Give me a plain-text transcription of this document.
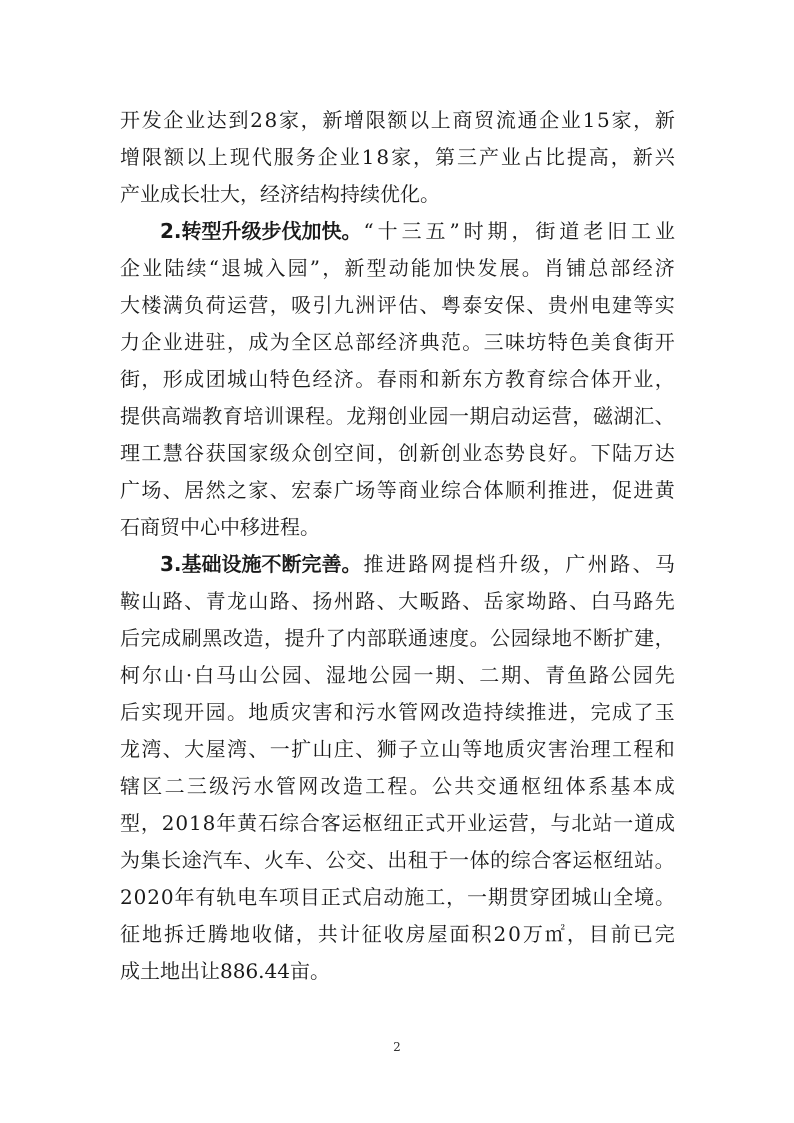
开 发 企 业 达 到 2 8 家 ， 新 增 限 额 以 上 商 贸 流 通 企 业 1 5 家 ， 新
增 限 额 以 上 现 代 服 务 企 业 1 8 家 ， 第 三 产 业 占 比 提 高 ， 新 兴
产业成长壮大，经济结构持续优化。
2.转型升级步伐加快。 “ 十 三 五 ” 时 期 ， 街 道 老 旧 工 业
企 业 陆 续 “ 退 城 入 园 ” ， 新 型 动 能 加 快 发 展 。 肖 铺 总 部 经 济
大 楼 满 负 荷 运 营 ， 吸 引 九 洲 评 估 、 粤 泰 安 保 、 贵 州 电 建 等 实
力 企 业 进 驻 ， 成 为 全 区 总 部 经 济 典 范 。 三 味 坊 特 色 美 食 街 开
街 ， 形 成 团 城 山 特 色 经 济 。 春 雨 和 新 东 方 教 育 综 合 体 开 业 ，
提 供 高 端 教 育 培 训 课 程 。 龙 翔 创 业 园 一 期 启 动 运 营 ， 磁 湖 汇 、
理 工 慧 谷 获 国 家 级 众 创 空 间 ， 创 新 创 业 态 势 良 好 。 下 陆 万 达
广 场 、 居 然 之 家 、 宏 泰 广 场 等 商 业 综 合 体 顺 利 推 进 ， 促 进 黄
石商贸中心中移进程。
3.基础设施不断完善。 推 进 路 网 提 档 升 级 ， 广 州 路 、 马
鞍 山 路 、 青 龙 山 路 、 扬 州 路 、 大 畈 路 、 岳 家 坳 路 、 白 马 路 先
后 完 成 刷 黑 改 造 ， 提 升 了 内 部 联 通 速 度 。 公 园 绿 地 不 断 扩 建 ，
柯 尔 山 · 白 马 山 公 园 、 湿 地 公 园 一 期 、 二 期 、 青 鱼 路 公 园 先
后 实 现 开 园 。 地 质 灾 害 和 污 水 管 网 改 造 持 续 推 进 ， 完 成 了 玉
龙 湾 、 大 屋 湾 、 一 扩 山 庄 、 狮 子 立 山 等 地 质 灾 害 治 理 工 程 和
辖 区 二 三 级 污 水 管 网 改 造 工 程 。 公 共 交 通 枢 纽 体 系 基 本 成
型 ， 2 0 1 8 年 黄 石 综 合 客 运 枢 纽 正 式 开 业 运 营 ， 与 北 站 一 道 成
为 集 长 途 汽 车 、 火 车 、 公 交 、 出 租 于 一 体 的 综 合 客 运 枢 纽 站 。
2 0 2 0 年 有 轨 电 车 项 目 正 式 启 动 施 工 ， 一 期 贯 穿 团 城 山 全 境 。
征 地 拆 迁 腾 地 收 储 ， 共 计 征 收 房 屋 面 积 2 0 万 ㎡ ， 目 前 已 完
成土地出让886.44亩。
2
